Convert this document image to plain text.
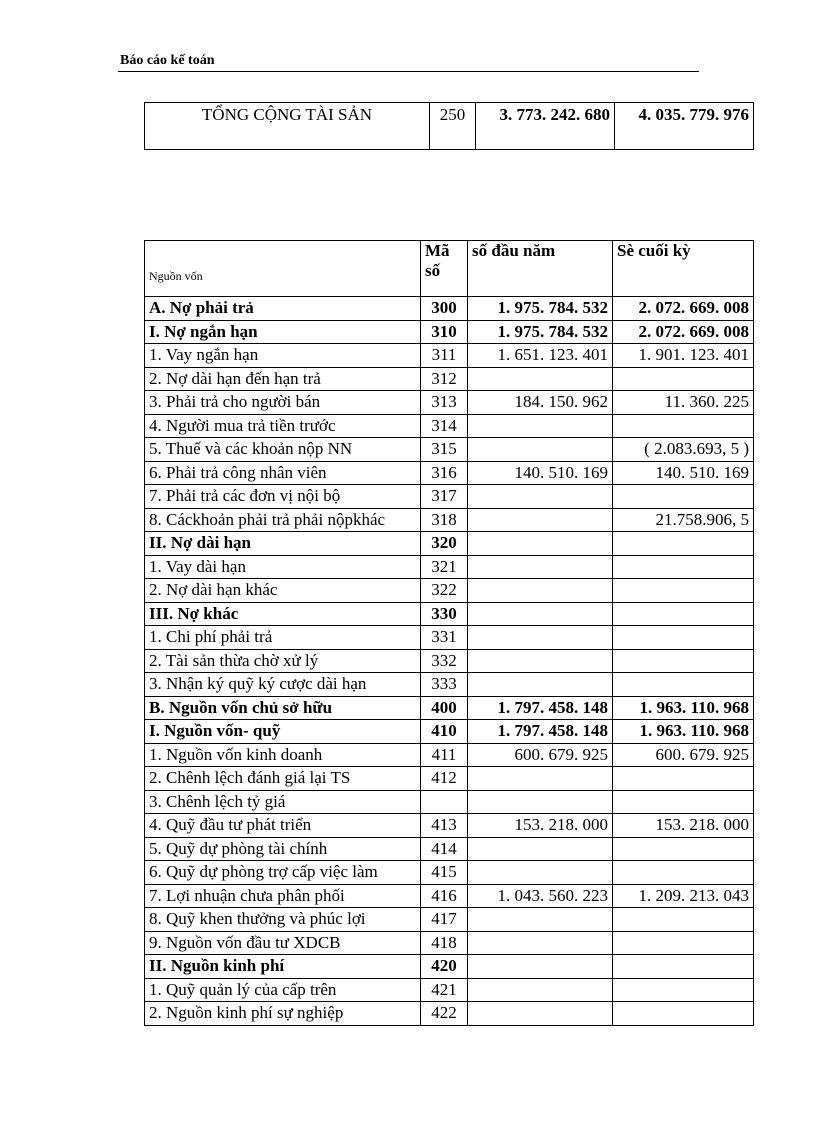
Báo cáo kế toán
TỔNG CỘNG TÀI SẢN	250	3. 773. 242. 680	4. 035. 779. 976
Nguồn vốn	Mã số	số đầu năm	Sè cuối kỳ
A. Nợ phải trả	300	1. 975. 784. 532	2. 072. 669. 008
I. Nợ ngắn hạn	310	1. 975. 784. 532	2. 072. 669. 008
1. Vay ngắn hạn	311	1. 651. 123. 401	1. 901. 123. 401
2. Nợ dài hạn đến hạn trả	312		
3. Phải trả cho người bán	313	184. 150. 962	11. 360. 225
4. Người mua trả tiền trước	314		
5. Thuế và các khoản nộp NN	315		( 2.083.693, 5 )
6. Phải trả công nhân viên	316	140. 510. 169	140. 510. 169
7. Phải trả các đơn vị nội bộ	317		
8. Cáckhoản phải trả phải nộpkhác	318		21.758.906, 5
II. Nợ dài hạn	320		
1. Vay dài hạn	321		
2. Nợ dài hạn khác	322		
III. Nợ khác	330		
1. Chi phí phải trả	331		
2. Tài sản thừa chờ xử lý	332		
3. Nhận ký quỹ ký cược dài hạn	333		
B. Nguồn vốn chủ sở hữu	400	1. 797. 458. 148	1. 963. 110. 968
I. Nguồn vốn- quỹ	410	1. 797. 458. 148	1. 963. 110. 968
1. Nguồn vốn kinh doanh	411	600. 679. 925	600. 679. 925
2. Chênh lệch đánh giá lại TS	412		
3. Chênh lệch tỷ giá			
4. Quỹ đầu tư phát triển	413	153. 218. 000	153. 218. 000
5. Quỹ dự phòng tài chính	414		
6. Quỹ dự phòng trợ cấp việc làm	415		
7. Lợi nhuận chưa phân phối	416	1. 043. 560. 223	1. 209. 213. 043
8. Quỹ khen thưởng và phúc lợi	417		
9. Nguồn vốn đầu tư XDCB	418		
II. Nguồn kinh phí	420		
1. Quỹ quản lý của cấp trên	421		
2. Nguồn kinh phí sự nghiệp	422		
